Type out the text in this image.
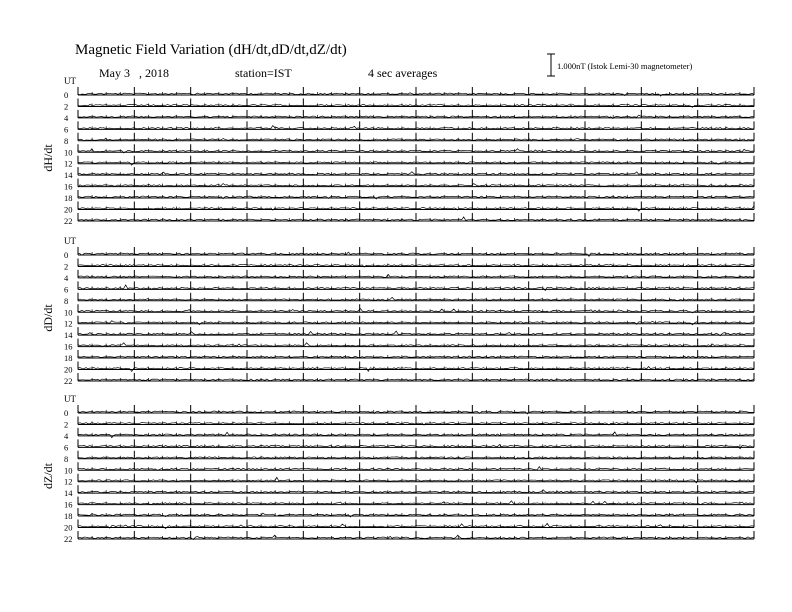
Magnetic Field Variation (dH/dt,dD/dt,dZ/dt)
May 3   , 2018	station=IST	4 sec averages	1.000nT (Istok Lemi-30 magnetometer)
UT
dH/dt
0
2
4
6
8
10
12
14
16
18
20
22
UT
dD/dt
0
2
4
6
8
10
12
14
16
18
20
22
UT
dZ/dt
0
2
4
6
8
10
12
14
16
18
20
22
